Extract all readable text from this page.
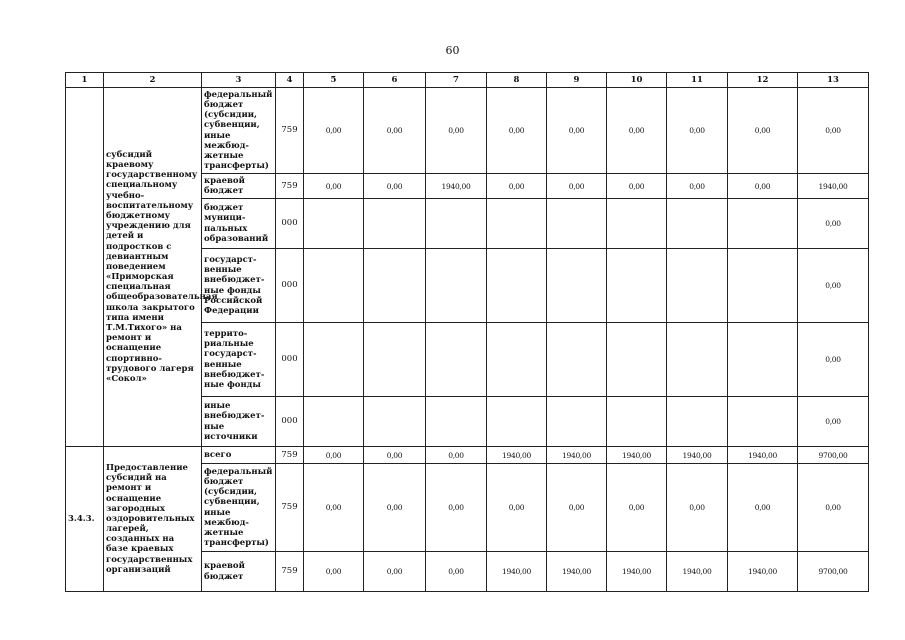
60
1	2	3	4	5	6	7	8	9	10	11	12	13
	субсидий краевому государственному специальному учебно-воспитательному бюджетному учреждению для детей и подростков с девиантным поведением «Приморская специальная общеобразовательная школа закрытого типа имени Т.М.Тихого» на ремонт и оснащение спортивно-трудового лагеря «Сокол»	федеральный бюджет (субсидии, субвенции, иные межбюд-жетные трансферты)	759	0,00	0,00	0,00	0,00	0,00	0,00	0,00	0,00	0,00
		краевой бюджет	759	0,00	0,00	1940,00	0,00	0,00	0,00	0,00	0,00	1940,00
		бюджет муници-пальных образований	000									0,00
		государст-венные внебюджет-ные фонды Российской Федерации	000									0,00
		террито-риальные государст-венные внебюджет-ные фонды	000									0,00
		иные внебюджет-ные источники	000									0,00
3.4.3.	Предоставление субсидий на ремонт и оснащение загородных оздоровительных лагерей, созданных на базе краевых государственных организаций	всего	759	0,00	0,00	0,00	1940,00	1940,00	1940,00	1940,00	1940,00	9700,00
		федеральный бюджет (субсидии, субвенции, иные межбюд-жетные трансферты)	759	0,00	0,00	0,00	0,00	0,00	0,00	0,00	0,00	0,00
		краевой бюджет	759	0,00	0,00	0,00	1940,00	1940,00	1940,00	1940,00	1940,00	9700,00
